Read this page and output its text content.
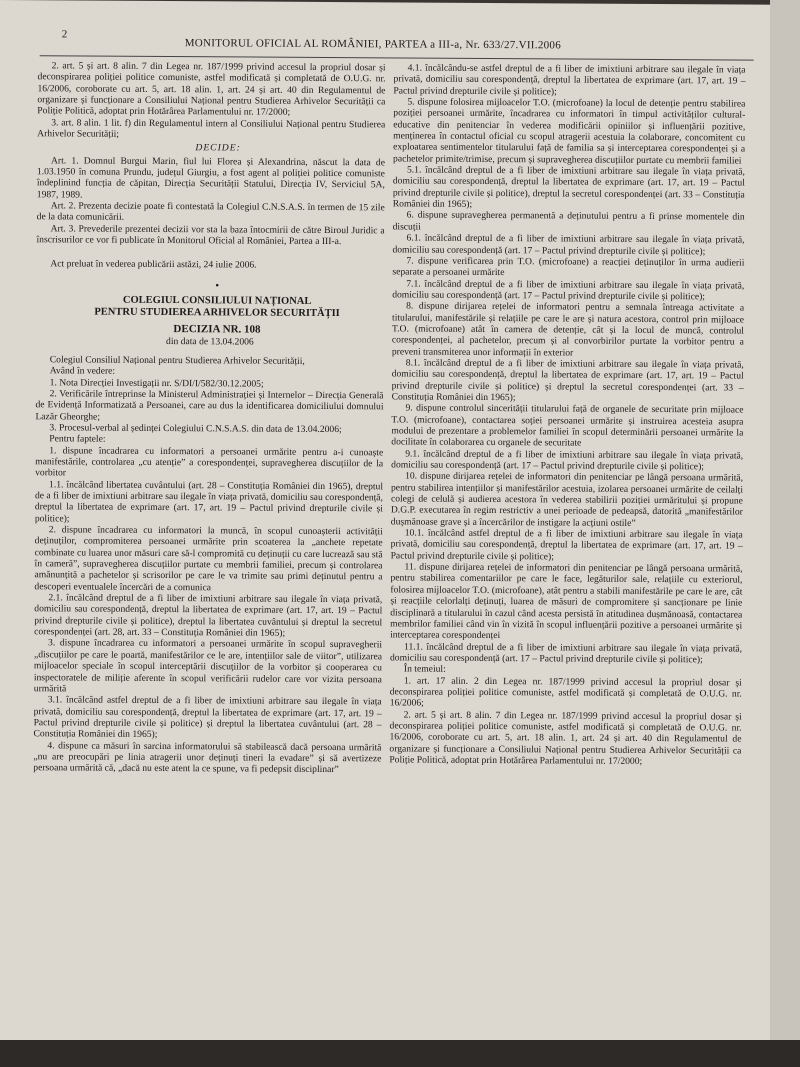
2
MONITORUL OFICIAL AL ROMÂNIEI, PARTEA a III-a, Nr. 633/27.VII.2006

2. art. 5 și art. 8 alin. 7 din Legea nr. 187/1999 privind accesul la propriul dosar și deconspirarea poliției politice comuniste, astfel modificată și completată de O.U.G. nr. 16/2006, coroborate cu art. 5, art. 18 alin. 1, art. 24 și art. 40 din Regulamentul de organizare și funcționare a Consiliului Național pentru Studierea Arhivelor Securității ca Poliție Politică, adoptat prin Hotărârea Parlamentului nr. 17/2000;

3. art. 8 alin. 1 lit. f) din Regulamentul intern al Consiliului Național pentru Studierea Arhivelor Securității;

DECIDE:

Art. 1. Domnul Burgui Marin, fiul lui Florea și Alexandrina, născut la data de 1.03.1950 în comuna Prundu, județul Giurgiu, a fost agent al poliției politice comuniste îndeplinind funcția de căpitan, Direcția Securității Statului, Direcția IV, Serviciul 5A, 1987, 1989.

Art. 2. Prezenta decizie poate fi contestată la Colegiul C.N.S.A.S. în termen de 15 zile de la data comunicării.

Art. 3. Prevederile prezentei decizii vor sta la baza întocmirii de către Biroul Juridic a înscrisurilor ce vor fi publicate în Monitorul Oficial al României, Partea a III-a.

Act preluat în vederea publicării astăzi, 24 iulie 2006.

•

COLEGIUL CONSILIULUI NAȚIONAL

PENTRU STUDIEREA ARHIVELOR SECURITĂȚII

DECIZIA NR. 108

din data de 13.04.2006

Colegiul Consiliul Național pentru Studierea Arhivelor Securității,

Având în vedere:

1. Nota Direcției Investigații nr. S/DI/I/582/30.12.2005;

2. Verificările întreprinse la Ministerul Administrației și Internelor – Direcția Generală de Evidență Informatizată a Persoanei, care au dus la identificarea domiciliului domnului Lazăr Gheorghe;

3. Procesul-verbal al ședinței Colegiului C.N.S.A.S. din data de 13.04.2006;

Pentru faptele:

1. dispune încadrarea cu informatori a persoanei urmărite pentru a-i cunoaște manifestările, controlarea „cu atenție” a corespondenței, supravegherea discuțiilor de la vorbitor

1.1. încălcând libertatea cuvântului (art. 28 – Constituția României din 1965), dreptul de a fi liber de imixtiuni arbitrare sau ilegale în viața privată, domiciliu sau corespondență, dreptul la libertatea de exprimare (art. 17, art. 19 – Pactul privind drepturile civile și politice);

2. dispune încadrarea cu informatori la muncă, în scopul cunoașterii activității deținuților, compromiterea persoanei urmărite prin scoaterea la „anchete repetate combinate cu luarea unor măsuri care să-l compromită cu deținuții cu care lucrează sau stă în cameră”, supravegherea discuțiilor purtate cu membrii familiei, precum și controlarea amănunțită a pachetelor și scrisorilor pe care le va trimite sau primi deținutul pentru a descoperi eventualele încercări de a comunica

2.1. încălcând dreptul de a fi liber de imixtiuni arbitrare sau ilegale în viața privată, domiciliu sau corespondență, dreptul la libertatea de exprimare (art. 17, art. 19 – Pactul privind drepturile civile și politice), dreptul la libertatea cuvântului și dreptul la secretul corespondenței (art. 28, art. 33 – Constituția României din 1965);

3. dispune încadrarea cu informatori a persoanei urmărite în scopul supravegherii „discuțiilor pe care le poartă, manifestărilor ce le are, intențiilor sale de viitor”, utilizarea mijloacelor speciale în scopul interceptării discuțiilor de la vorbitor și cooperarea cu inspectoratele de miliție aferente în scopul verificării rudelor care vor vizita persoana urmărită

3.1. încălcând astfel dreptul de a fi liber de imixtiuni arbitrare sau ilegale în viața privată, domiciliu sau corespondență, dreptul la libertatea de exprimare (art. 17, art. 19 – Pactul privind drepturile civile și politice) și dreptul la libertatea cuvântului (art. 28 – Constituția României din 1965);

4. dispune ca măsuri în sarcina informatorului să stabilească dacă persoana urmărită „nu are preocupări pe linia atragerii unor deținuți tineri la evadare” și să avertizeze persoana urmărită că, „dacă nu este atent la ce spune, va fi pedepsit disciplinar”

4.1. încălcându-se astfel dreptul de a fi liber de imixtiuni arbitrare sau ilegale în viața privată, domiciliu sau corespondență, dreptul la libertatea de exprimare (art. 17, art. 19 – Pactul privind drepturile civile și politice);

5. dispune folosirea mijloacelor T.O. (microfoane) la locul de detenție pentru stabilirea poziției persoanei urmărite, încadrarea cu informatori în timpul activităților cultural-educative din penitenciar în vederea modificării opiniilor și influențării pozitive, menținerea în contactul oficial cu scopul atragerii acestuia la colaborare, concomitent cu exploatarea sentimentelor titularului față de familia sa și interceptarea corespondenței și a pachetelor primite/trimise, precum și supravegherea discuțiilor purtate cu membrii familiei

5.1. încălcând dreptul de a fi liber de imixtiuni arbitrare sau ilegale în viața privată, domiciliu sau corespondență, dreptul la libertatea de exprimare (art. 17, art. 19 – Pactul privind drepturile civile și politice), dreptul la secretul corespondenței (art. 33 – Constituția României din 1965);

6. dispune supravegherea permanentă a deținutului pentru a fi prinse momentele din discuții

6.1. încălcând dreptul de a fi liber de imixtiuni arbitrare sau ilegale în viața privată, domiciliu sau corespondență (art. 17 – Pactul privind drepturile civile și politice);

7. dispune verificarea prin T.O. (microfoane) a reacției deținuților în urma audierii separate a persoanei urmărite

7.1. încălcând dreptul de a fi liber de imixtiuni arbitrare sau ilegale în viața privată, domiciliu sau corespondență (art. 17 – Pactul privind drepturile civile și politice);

8. dispune dirijarea rețelei de informatori pentru a semnala întreaga activitate a titularului, manifestările și relațiile pe care le are și natura acestora, control prin mijloace T.O. (microfoane) atât în camera de detenție, cât și la locul de muncă, controlul corespondenței, al pachetelor, precum și al convorbirilor purtate la vorbitor pentru a preveni transmiterea unor informații în exterior

8.1. încălcând dreptul de a fi liber de imixtiuni arbitrare sau ilegale în viața privată, domiciliu sau corespondență, dreptul la libertatea de exprimare (art. 17, art. 19 – Pactul privind drepturile civile și politice) și dreptul la secretul corespondenței (art. 33 – Constituția României din 1965);

9. dispune controlul sincerității titularului față de organele de securitate prin mijloace T.O. (microfoane), contactarea soției persoanei urmărite și instruirea acesteia asupra modului de prezentare a problemelor familiei în scopul determinării persoanei urmărite la docilitate în colaborarea cu organele de securitate

9.1. încălcând dreptul de a fi liber de imixtiuni arbitrare sau ilegale în viața privată, domiciliu sau corespondență (art. 17 – Pactul privind drepturile civile și politice);

10. dispune dirijarea rețelei de informatori din penitenciar pe lângă persoana urmărită, pentru stabilirea intențiilor și manifestărilor acestuia, izolarea persoanei urmărite de ceilalți colegi de celulă și audierea acestora în vederea stabilirii poziției urmăritului și propune D.G.P. executarea în regim restrictiv a unei perioade de pedeapsă, datorită „manifestărilor dușmănoase grave și a încercărilor de instigare la acțiuni ostile”

10.1. încălcând astfel dreptul de a fi liber de imixtiuni arbitrare sau ilegale în viața privată, domiciliu sau corespondență, dreptul la libertatea de exprimare (art. 17, art. 19 – Pactul privind drepturile civile și politice);

11. dispune dirijarea rețelei de informatori din penitenciar pe lângă persoana urmărită, pentru stabilirea comentariilor pe care le face, legăturilor sale, relațiile cu exteriorul, folosirea mijloacelor T.O. (microfoane), atât pentru a stabili manifestările pe care le are, cât și reacțiile celorlalți deținuți, luarea de măsuri de compromitere și sancționare pe linie disciplinară a titularului în cazul când acesta persistă în atitudinea dușmănoasă, contactarea membrilor familiei când vin în vizită în scopul influențării pozitive a persoanei urmărite și interceptarea corespondenței

11.1. încălcând dreptul de a fi liber de imixtiuni arbitrare sau ilegale în viața privată, domiciliu sau corespondență (art. 17 – Pactul privind drepturile civile și politice);

În temeiul:

1. art. 17 alin. 2 din Legea nr. 187/1999 privind accesul la propriul dosar și deconspirarea poliției politice comuniste, astfel modificată și completată de O.U.G. nr. 16/2006;

2. art. 5 și art. 8 alin. 7 din Legea nr. 187/1999 privind accesul la propriul dosar și deconspirarea poliției politice comuniste, astfel modificată și completată de O.U.G. nr. 16/2006, coroborate cu art. 5, art. 18 alin. 1, art. 24 și art. 40 din Regulamentul de organizare și funcționare a Consiliului Național pentru Studierea Arhivelor Securității ca Poliție Politică, adoptat prin Hotărârea Parlamentului nr. 17/2000;
